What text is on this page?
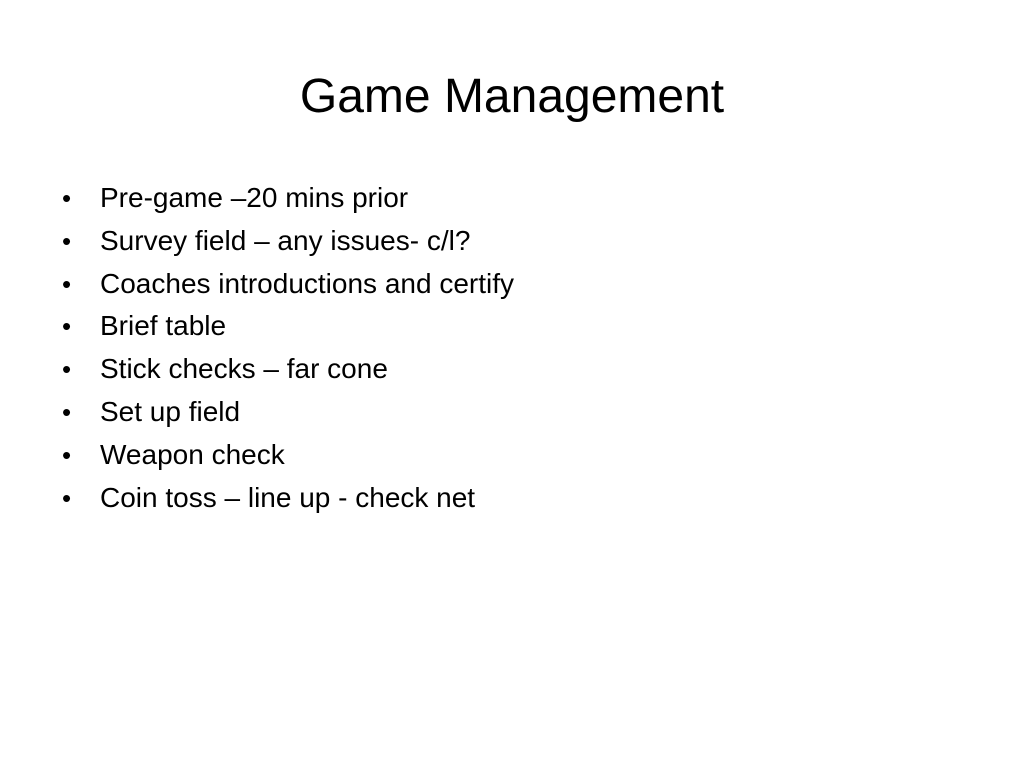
Game Management
•	Pre-game –20 mins prior
•	Survey field – any issues- c/l?
•	Coaches introductions and certify
•	Brief table
•	Stick checks – far cone
•	Set up field
•	Weapon check
•	Coin toss – line up - check net
